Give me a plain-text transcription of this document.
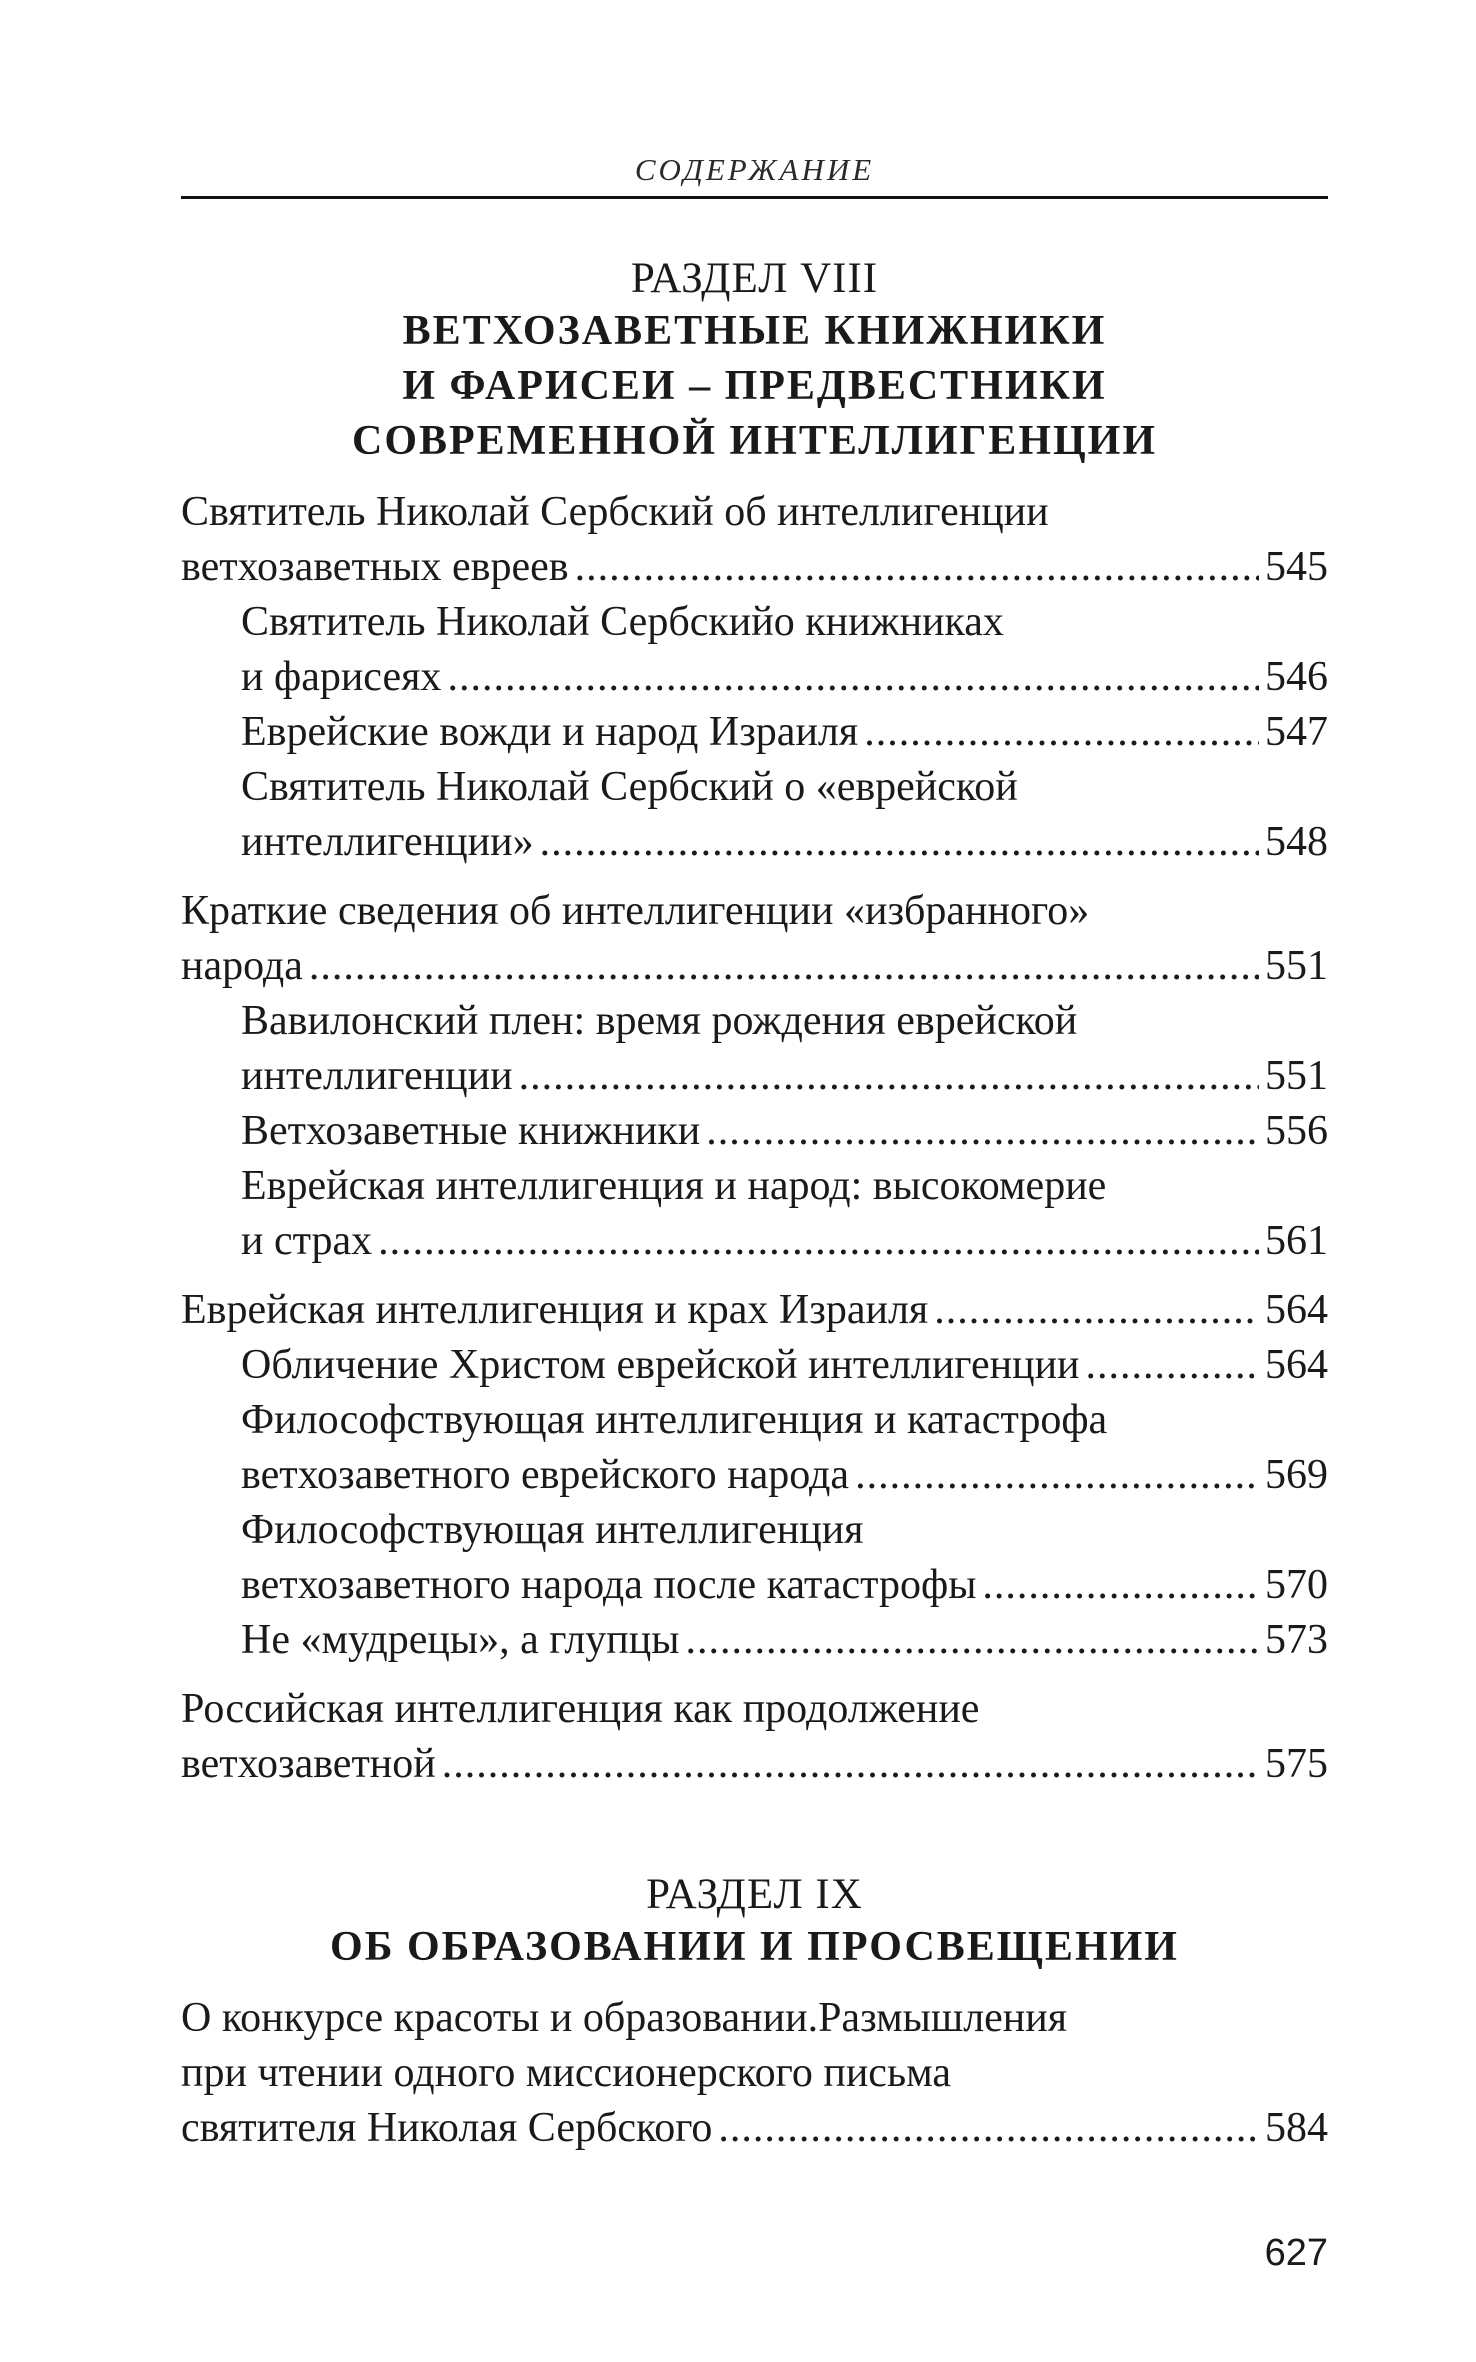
СОДЕРЖАНИЕ
РАЗДЕЛ VIII
ВЕТХОЗАВЕТНЫЕ КНИЖНИКИ
И ФАРИСЕИ – ПРЕДВЕСТНИКИ
СОВРЕМЕННОЙ ИНТЕЛЛИГЕНЦИИ
Святитель Николай Сербский об интеллигенции
ветхозаветных евреев .....	545
Святитель Николай Сербскийо книжниках
и фарисеях .....	546
Еврейские вожди и народ Израиля .....	547
Святитель Николай Сербский о «еврейской
интеллигенции» .....	548
Краткие сведения об интеллигенции «избранного»
народа .....	551
Вавилонский плен: время рождения еврейской
интеллигенции .....	551
Ветхозаветные книжники .....	556
Еврейская интеллигенция и народ: высокомерие
и страх .....	561
Еврейская интеллигенция и крах Израиля .....	564
Обличение Христом еврейской интеллигенции .....	564
Философствующая интеллигенция и катастрофа
ветхозаветного еврейского народа .....	569
Философствующая интеллигенция
ветхозаветного народа после катастрофы .....	570
Не «мудрецы», а глупцы .....	573
Российская интеллигенция как продолжение
ветхозаветной .....	575
РАЗДЕЛ IX
ОБ ОБРАЗОВАНИИ И ПРОСВЕЩЕНИИ
О конкурсе красоты и образовании.Размышления
при чтении одного миссионерского письма
святителя Николая Сербского .....	584
627
